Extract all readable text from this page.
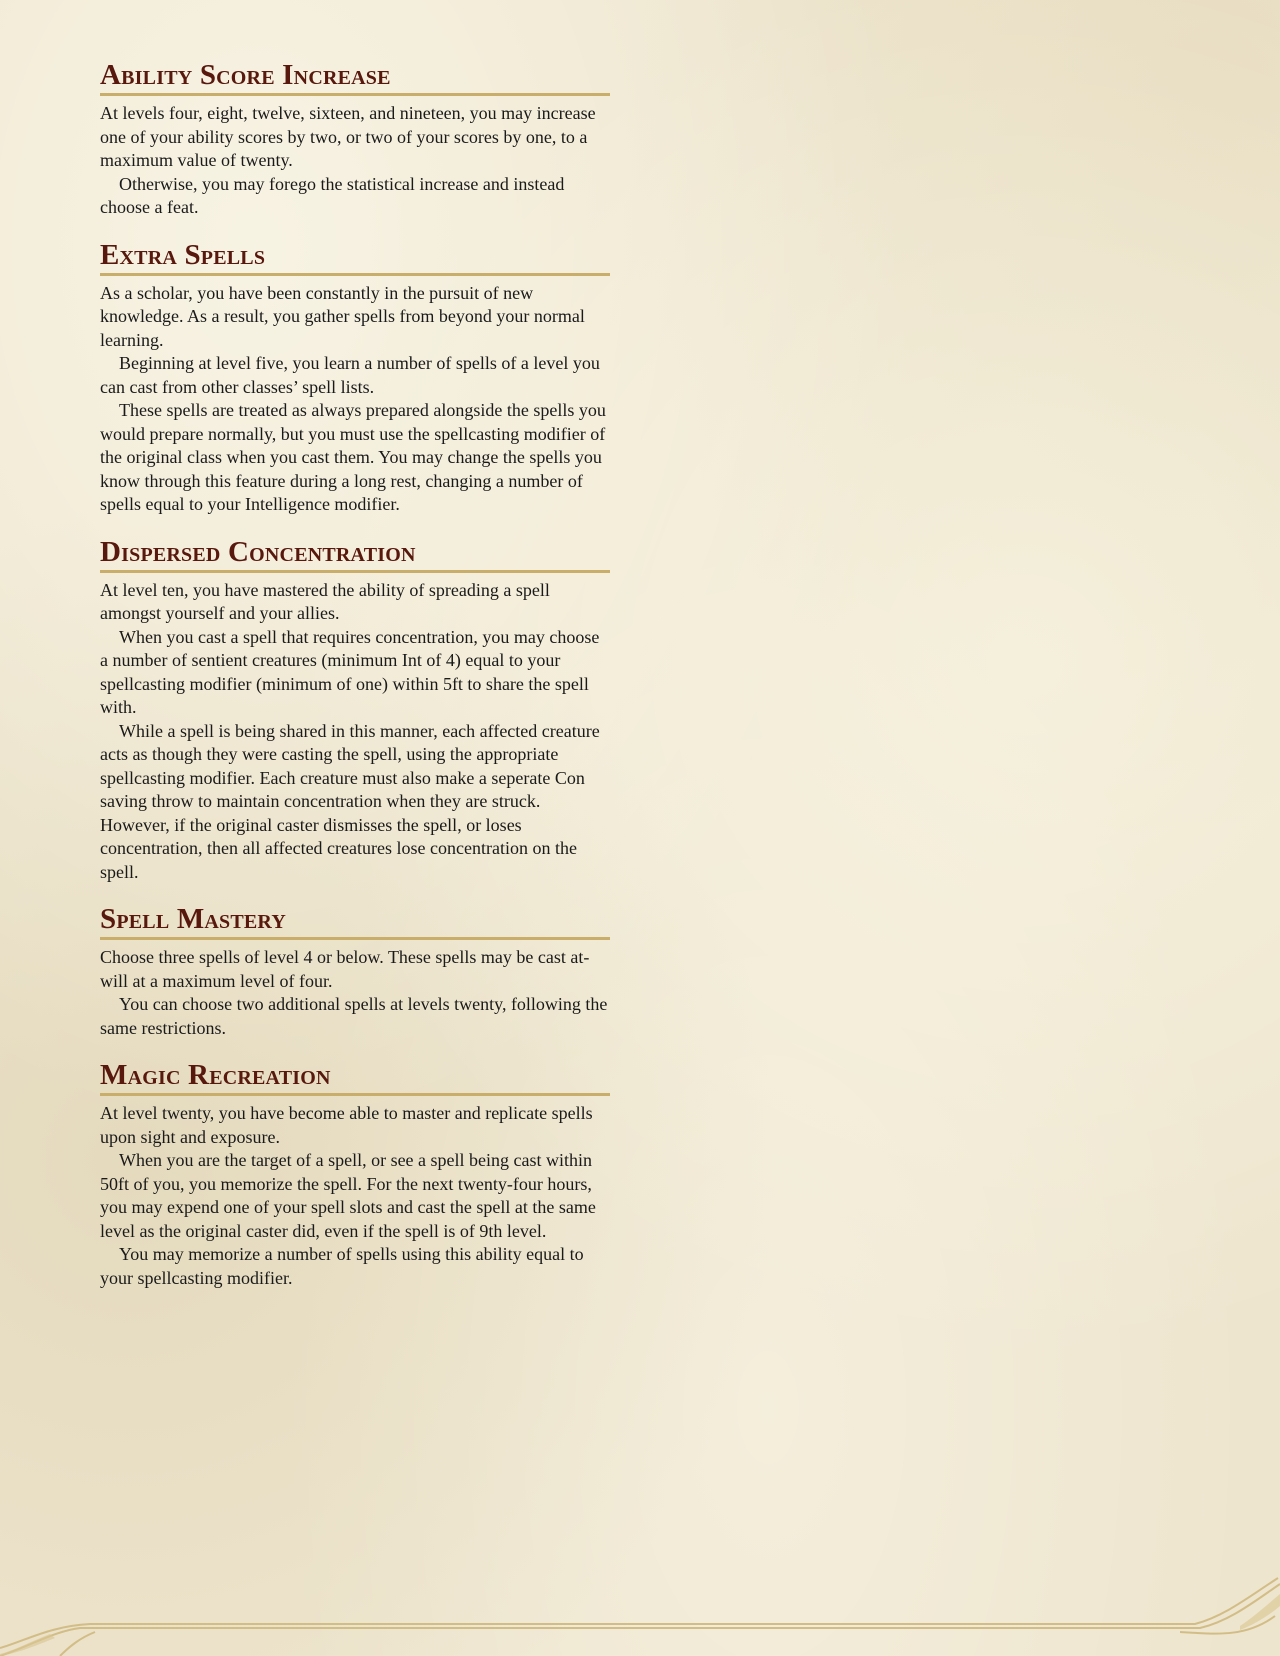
Ability Score Increase

At levels four, eight, twelve, sixteen, and nineteen, you may increase one of your ability scores by two, or two of your scores by one, to a maximum value of twenty.

Otherwise, you may forego the statistical increase and instead choose a feat.

Extra Spells

As a scholar, you have been constantly in the pursuit of new knowledge. As a result, you gather spells from beyond your normal learning.

Beginning at level five, you learn a number of spells of a level you can cast from other classes’ spell lists.

These spells are treated as always prepared alongside the spells you would prepare normally, but you must use the spellcasting modifier of the original class when you cast them. You may change the spells you know through this feature during a long rest, changing a number of spells equal to your Intelligence modifier.

Dispersed Concentration

At level ten, you have mastered the ability of spreading a spell amongst yourself and your allies.

When you cast a spell that requires concentration, you may choose a number of sentient creatures (minimum Int of 4) equal to your spellcasting modifier (minimum of one) within 5ft to share the spell with.

While a spell is being shared in this manner, each affected creature acts as though they were casting the spell, using the appropriate spellcasting modifier. Each creature must also make a seperate Con saving throw to maintain concentration when they are struck. However, if the original caster dismisses the spell, or loses concentration, then all affected creatures lose concentration on the spell.

Spell Mastery

Choose three spells of level 4 or below. These spells may be cast at-will at a maximum level of four.

You can choose two additional spells at levels twenty, following the same restrictions.

Magic Recreation

At level twenty, you have become able to master and replicate spells upon sight and exposure.

When you are the target of a spell, or see a spell being cast within 50ft of you, you memorize the spell. For the next twenty-four hours, you may expend one of your spell slots and cast the spell at the same level as the original caster did, even if the spell is of 9th level.

You may memorize a number of spells using this ability equal to your spellcasting modifier.
